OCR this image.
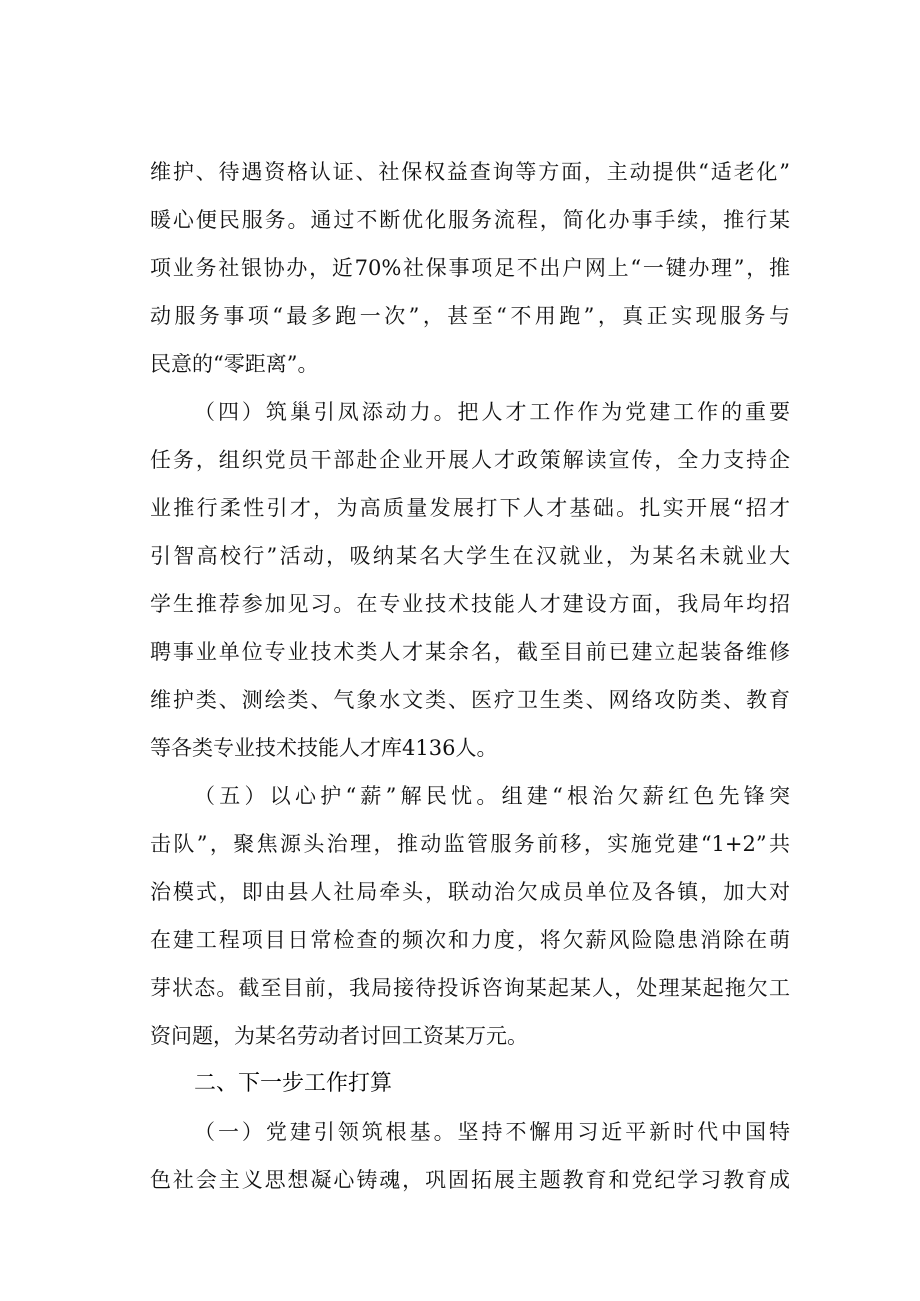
维护、待遇资格认证、社保权益查询等方面，主动提供“适老化”
暖心便民服务。通过不断优化服务流程，简化办事手续，推行某
项业务社银协办，近70%社保事项足不出户网上“一键办理”，推
动服务事项“最多跑一次”，甚至“不用跑”，真正实现服务与
民意的“零距离”。
（四）筑巢引凤添动力。把人才工作作为党建工作的重要
任务，组织党员干部赴企业开展人才政策解读宣传，全力支持企
业推行柔性引才，为高质量发展打下人才基础。扎实开展“招才
引智高校行”活动，吸纳某名大学生在汉就业，为某名未就业大
学生推荐参加见习。在专业技术技能人才建设方面，我局年均招
聘事业单位专业技术类人才某余名，截至目前已建立起装备维修
维护类、测绘类、气象水文类、医疗卫生类、网络攻防类、教育
等各类专业技术技能人才库4136人。
（五）以心护“薪”解民忧。组建“根治欠薪红色先锋突
击队”，聚焦源头治理，推动监管服务前移，实施党建“1+2”共
治模式，即由县人社局牵头，联动治欠成员单位及各镇，加大对
在建工程项目日常检查的频次和力度，将欠薪风险隐患消除在萌
芽状态。截至目前，我局接待投诉咨询某起某人，处理某起拖欠工
资问题，为某名劳动者讨回工资某万元。
二、下一步工作打算
（一）党建引领筑根基。坚持不懈用习近平新时代中国特
色社会主义思想凝心铸魂，巩固拓展主题教育和党纪学习教育成
